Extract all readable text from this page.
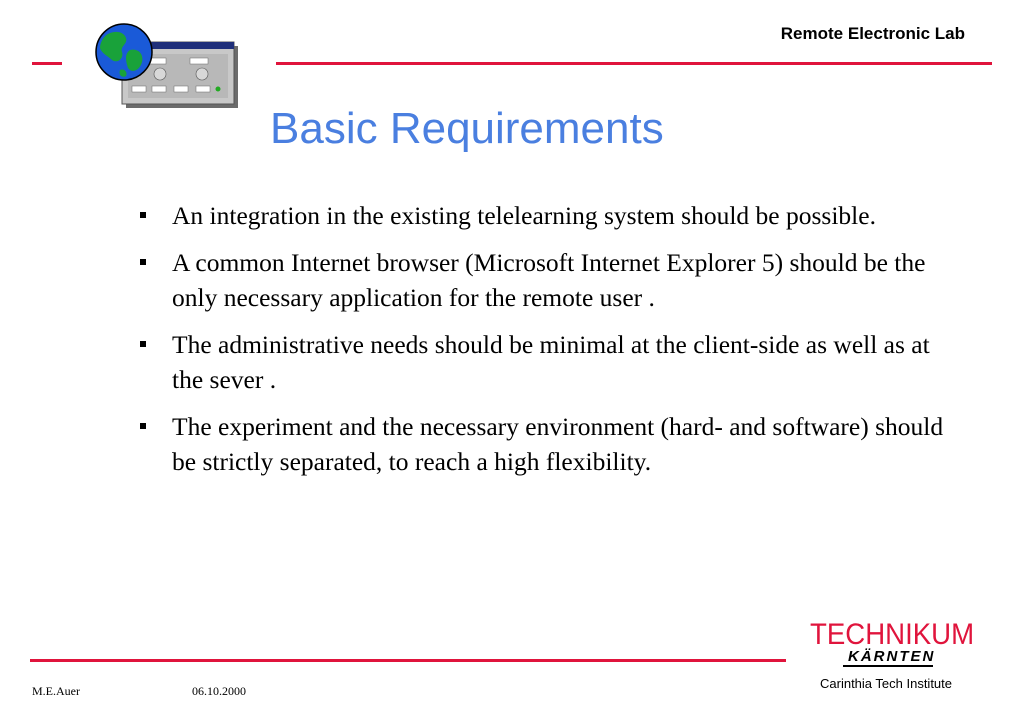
Remote Electronic Lab
Basic Requirements
An integration in the existing telelearning system should be possible.
A common Internet browser (Microsoft Internet Explorer 5) should be the only necessary application for the remote user .
The administrative needs should be minimal at the client-side as well as at the sever .
The experiment and the necessary environment (hard- and software) should be strictly separated, to reach a high flexibility.
TECHNIKUM
KÄRNTEN
Carinthia Tech Institute
M.E.Auer	06.10.2000
